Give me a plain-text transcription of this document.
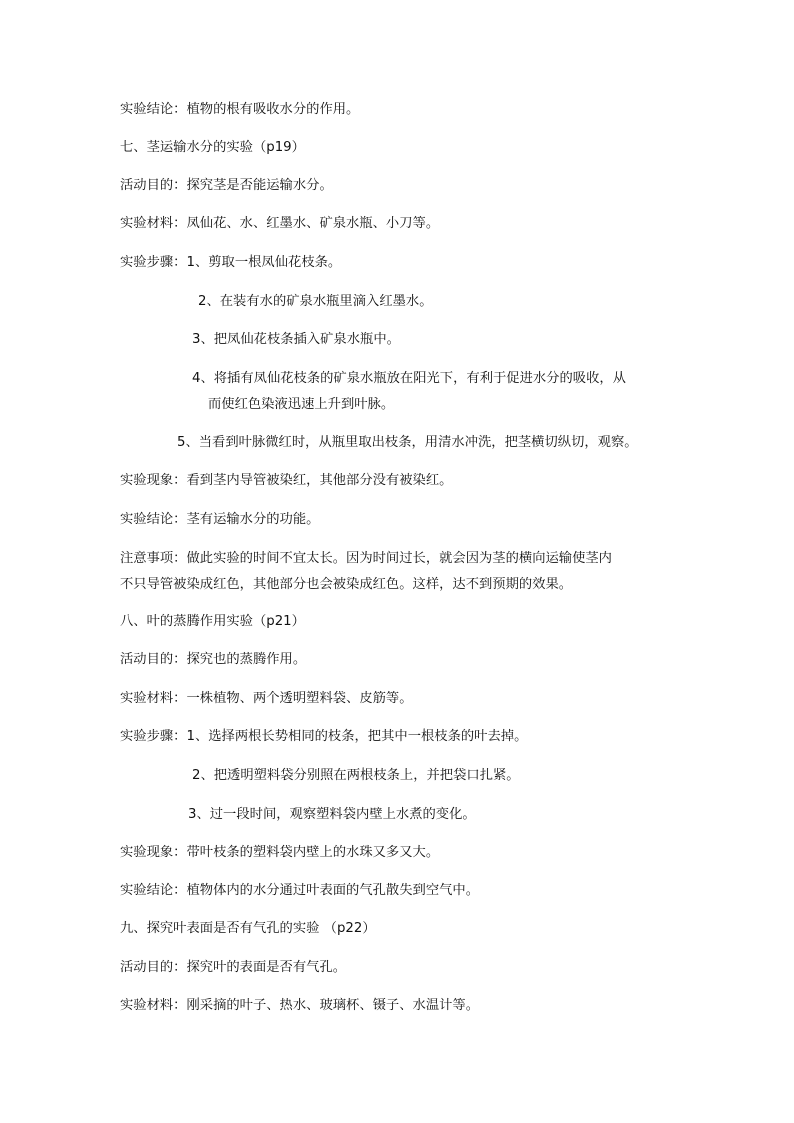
实验结论：植物的根有吸收水分的作用。

七、茎运输水分的实验（p19）

活动目的：探究茎是否能运输水分。

实验材料：凤仙花、水、红墨水、矿泉水瓶、小刀等。

实验步骤：1、剪取一根凤仙花枝条。

2、在装有水的矿泉水瓶里滴入红墨水。

3、把凤仙花枝条插入矿泉水瓶中。

4、将插有凤仙花枝条的矿泉水瓶放在阳光下，有利于促进水分的吸收，从

而使红色染液迅速上升到叶脉。

5、当看到叶脉微红时，从瓶里取出枝条，用清水冲洗，把茎横切纵切，观察。

实验现象：看到茎内导管被染红，其他部分没有被染红。

实验结论：茎有运输水分的功能。

注意事项：做此实验的时间不宜太长。因为时间过长，就会因为茎的横向运输使茎内

不只导管被染成红色，其他部分也会被染成红色。这样，达不到预期的效果。

八、叶的蒸腾作用实验（p21）

活动目的：探究也的蒸腾作用。

实验材料：一株植物、两个透明塑料袋、皮筋等。

实验步骤：1、选择两根长势相同的枝条，把其中一根枝条的叶去掉。

2、把透明塑料袋分别照在两根枝条上，并把袋口扎紧。

3、过一段时间，观察塑料袋内壁上水煮的变化。

实验现象：带叶枝条的塑料袋内壁上的水珠又多又大。

实验结论：植物体内的水分通过叶表面的气孔散失到空气中。

九、探究叶表面是否有气孔的实验 （p22）

活动目的：探究叶的表面是否有气孔。

实验材料：刚采摘的叶子、热水、玻璃杯、镊子、水温计等。
